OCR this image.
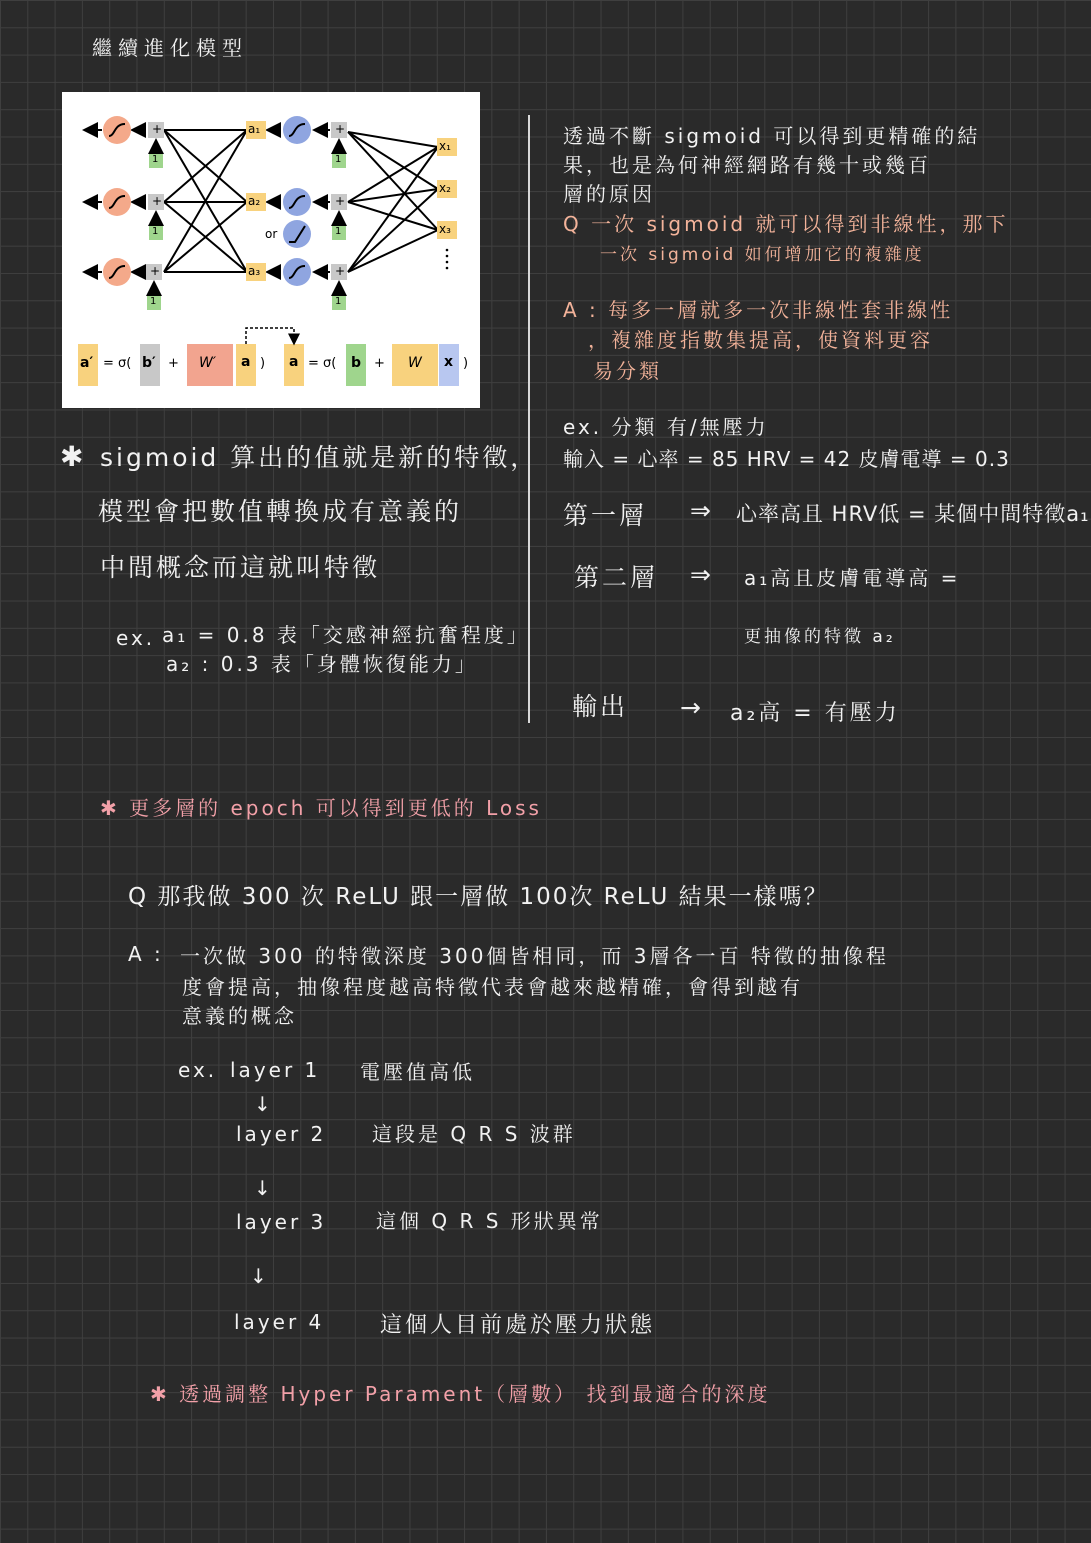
繼續進化模型
a₁
a₂
a₃
x₁
x₂
x₃
or
+
+
+
+
+
+
1
1
1
1
1
1
a′ = σ( b′ + W′ a ) a = σ( b + W x )
✱ sigmoid 算出的值就是新的特徵，
模型會把數值轉換成有意義的
中間概念而這就叫特徵
ex. a₁ = 0.8 表「交感神經抗奮程度」
a₂ : 0.3 表「身體恢復能力」
透過不斷 sigmoid 可以得到更精確的結
果，也是為何神經網路有幾十或幾百
層的原因
Q 一次 sigmoid 就可以得到非線性，那下
一次 sigmoid 如何增加它的複雜度
A : 每多一層就多一次非線性套非線性
，複雜度指數集提高，使資料更容
易分類
ex. 分類 有/無壓力
輸入 = 心率 = 85 HRV = 42 皮膚電導 = 0.3
第一層 ⇒ 心率高且 HRV低 = 某個中間特徵a₁
第二層 ⇒ a₁高且皮膚電導高 =
更抽像的特徵 a₂
輸出 → a₂高 = 有壓力
✱ 更多層的 epoch 可以得到更低的 Loss
Q 那我做 300 次 ReLU 跟一層做 100次 ReLU 結果一樣嗎？
A : 一次做 300 的特徵深度 300個皆相同，而 3層各一百 特徵的抽像程
度會提高，抽像程度越高特徵代表會越來越精確，會得到越有
意義的概念
ex. layer 1 電壓值高低
↓
layer 2 這段是 Q R S 波群
↓
layer 3 這個 Q R S 形狀異常
↓
layer 4	這個人目前處於壓力狀態
✱ 透過調整 Hyper Parament（層數） 找到最適合的深度
